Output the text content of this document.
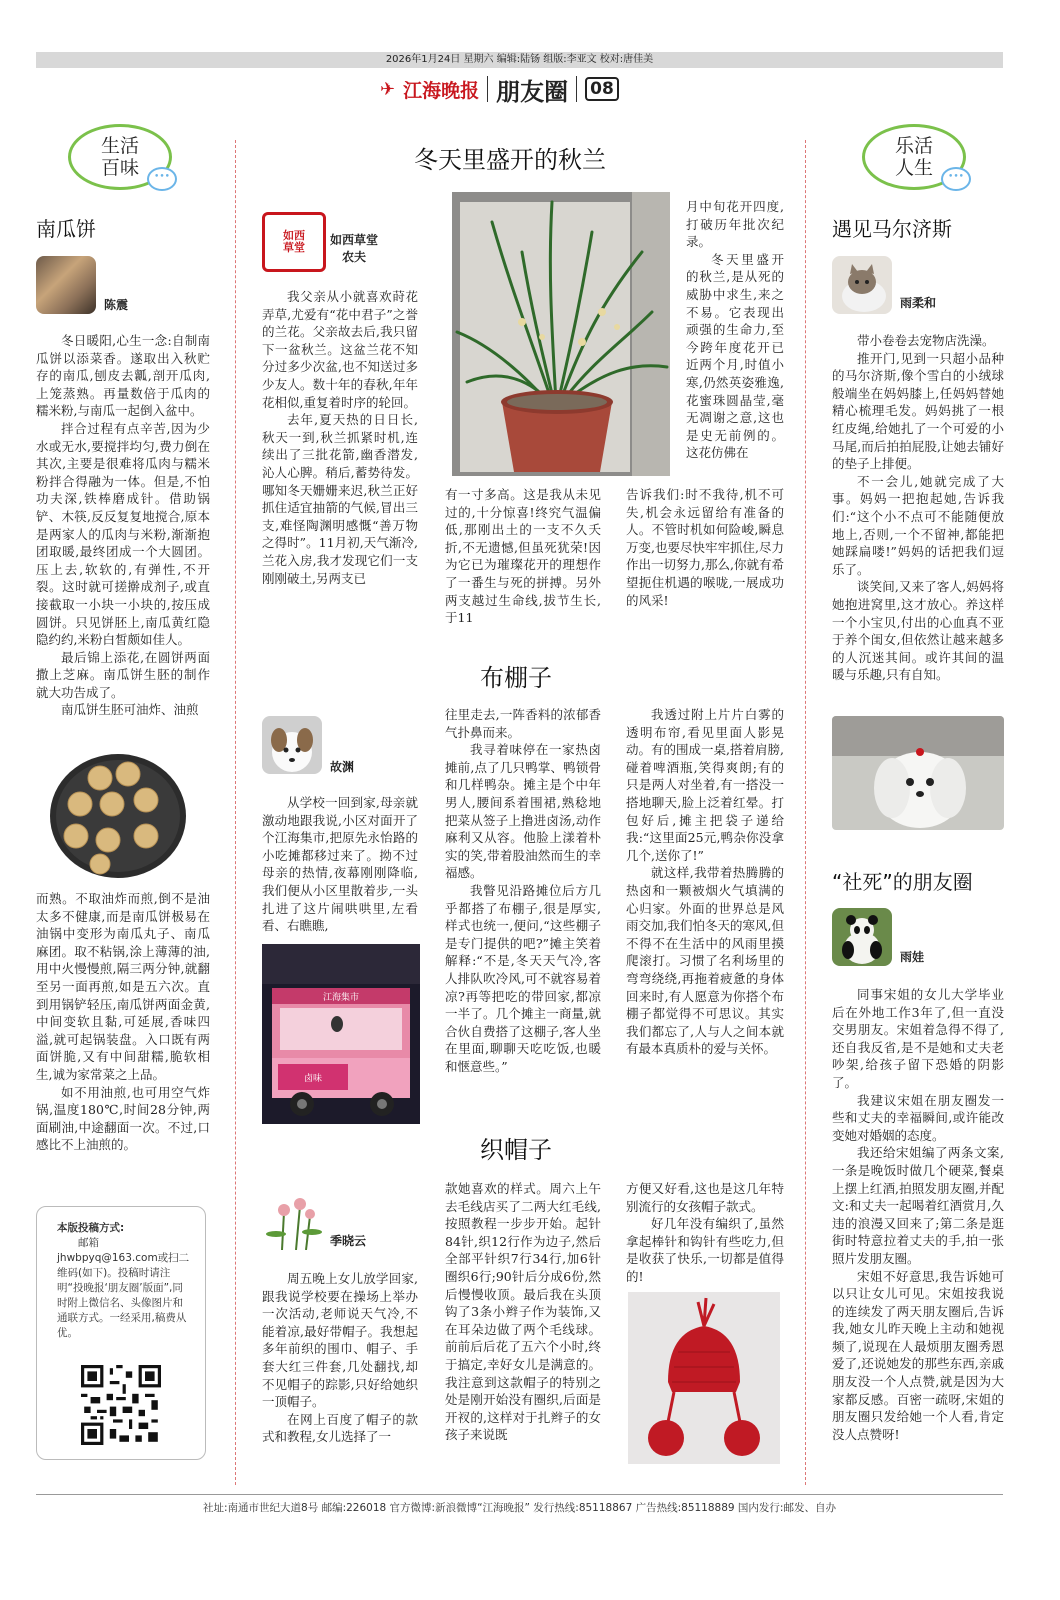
2026年1月24日 星期六 编辑:陆钖 组版:李亚文 校对:唐佳美
✈ 江海晚报 朋友圈 08
生活
百味	•••
南瓜饼
陈震

冬日暖阳,心生一念:自制南瓜饼以添菜香。遂取出入秋贮存的南瓜,刨皮去瓤,剖开瓜肉,上笼蒸熟。再量数倍于瓜肉的糯米粉,与南瓜一起倒入盆中。

拌合过程有点辛苦,因为少水或无水,要搅拌均匀,费力倒在其次,主要是很难将瓜肉与糯米粉拌合得融为一体。但是,不怕功夫深,铁棒磨成针。借助锅铲、木筷,反反复复地搅合,原本是两家人的瓜肉与米粉,渐渐抱团取暖,最终团成一个大圆团。压上去,软软的,有弹性,不开裂。这时就可搓擀成剂子,或直接截取一小块一小块的,按压成圆饼。只见饼胚上,南瓜黄红隐隐约约,米粉白皙颇如佳人。

最后锦上添花,在圆饼两面撒上芝麻。南瓜饼生胚的制作就大功告成了。

南瓜饼生胚可油炸、油煎

而熟。不取油炸而煎,倒不是油太多不健康,而是南瓜饼极易在油锅中变形为南瓜丸子、南瓜麻团。取不粘锅,涂上薄薄的油,用中火慢慢煎,隔三两分钟,就翻至另一面再煎,如是五六次。直到用锅铲轻压,南瓜饼两面金黄,中间变软且黏,可延展,香味四溢,就可起锅装盘。入口既有两面饼脆,又有中间甜糯,脆软相生,诚为家常菜之上品。

如不用油煎,也可用空气炸锅,温度180℃,时间28分钟,两面刷油,中途翻面一次。不过,口感比不上油煎的。

本版投稿方式:
邮箱 jhwbpyq@163.com或扫二维码(如下)。投稿时请注明“投晚报‘朋友圈’版面”,同时附上微信名、头像图片和通联方式。一经采用,稿费从优。
冬天里盛开的秋兰
如西草堂
如西草堂
农夫

我父亲从小就喜欢莳花弄草,尤爱有“花中君子”之誉的兰花。父亲故去后,我只留下一盆秋兰。这盆兰花不知分过多少次盆,也不知送过多少友人。数十年的春秋,年年花相似,重复着时序的轮回。

去年,夏天热的日日长,秋天一到,秋兰抓紧时机,连续出了三批花箭,幽香潜发,沁人心脾。稍后,蓄势待发。哪知冬天姗姗来迟,秋兰正好抓住适宜抽箭的气候,冒出三支,难怪陶渊明感慨“善万物之得时”。11月初,天气渐冷,兰花入房,我才发现它们一支刚刚破土,另两支已

月中旬花开四度,打破历年批次纪录。

冬天里盛开的秋兰,是从死的威胁中求生,来之不易。它表现出顽强的生命力,至今跨年度花开已近两个月,时值小寒,仍然英姿雅逸,花蜜珠圆晶莹,毫无凋谢之意,这也是史无前例的。这花仿佛在

有一寸多高。这是我从未见过的,十分惊喜!终究气温偏低,那刚出土的一支不久夭折,不无遗憾,但虽死犹荣!因为它已为璀璨花开的理想作了一番生与死的拼搏。另外两支越过生命线,拔节生长,于11

告诉我们:时不我待,机不可失,机会永远留给有准备的人。不管时机如何险峻,瞬息万变,也要尽快牢牢抓住,尽力作出一切努力,那么,你就有希望扼住机遇的喉咙,一展成功的风采!

布棚子
故渊

从学校一回到家,母亲就激动地跟我说,小区对面开了个江海集市,把原先永怡路的小吃摊都移过来了。拗不过母亲的热情,夜幕刚刚降临,我们便从小区里散着步,一头扎进了这片闹哄哄里,左看看、右瞧瞧,

江海集市
卤味

往里走去,一阵香料的浓郁香气扑鼻而来。

我寻着味停在一家热卤摊前,点了几只鸭掌、鸭锁骨和几样鸭杂。摊主是个中年男人,腰间系着围裙,熟稔地把菜从签子上撸进卤汤,动作麻利又从容。他脸上漾着朴实的笑,带着股油然而生的幸福感。

我瞥见沿路摊位后方几乎都搭了布棚子,很是厚实,样式也统一,便问,“这些棚子是专门提供的吧?”摊主笑着解释:“不是,冬天天气冷,客人排队吹冷风,可不就容易着凉?再等把吃的带回家,都凉一半了。几个摊主一商量,就合伙自费搭了这棚子,客人坐在里面,聊聊天吃吃饭,也暖和惬意些。”

我透过附上片片白雾的透明布帘,看见里面人影晃动。有的围成一桌,搭着肩膀,碰着啤酒瓶,笑得爽朗;有的只是两人对坐着,有一搭没一搭地聊天,脸上泛着红晕。打包好后,摊主把袋子递给我:“这里面25元,鸭杂你没拿几个,送你了!”

就这样,我带着热腾腾的热卤和一颗被烟火气填满的心归家。外面的世界总是风雨交加,我们怕冬天的寒风,但不得不在生活中的风雨里摸爬滚打。习惯了名利场里的弯弯绕绕,再拖着疲惫的身体回来时,有人愿意为你搭个布棚子都觉得不可思议。其实我们都忘了,人与人之间本就有最本真质朴的爱与关怀。

织帽子
季晓云

周五晚上女儿放学回家,跟我说学校要在操场上举办一次活动,老师说天气冷,不能着凉,最好带帽子。我想起多年前织的围巾、帽子、手套大红三件套,几处翻找,却不见帽子的踪影,只好给她织一顶帽子。

在网上百度了帽子的款式和教程,女儿选择了一

款她喜欢的样式。周六上午去毛线店买了二两大红毛线,按照教程一步步开始。起针84针,织12行作为边子,然后全部平针织7行34行,加6针圈织6行;90针后分成6份,然后慢慢收顶。最后我在头顶钩了3条小辫子作为装饰,又在耳朵边做了两个毛线球。前前后后花了五六个小时,终于搞定,幸好女儿是满意的。我注意到这款帽子的特别之处是刚开始没有圈织,后面是开衩的,这样对于扎辫子的女孩子来说既

方便又好看,这也是这几年特别流行的女孩帽子款式。

好几年没有编织了,虽然拿起棒针和钩针有些吃力,但是收获了快乐,一切都是值得的!

乐活
人生	•••
遇见马尔济斯
雨柔和

带小卷卷去宠物店洗澡。

推开门,见到一只超小品种的马尔济斯,像个雪白的小绒球般端坐在妈妈膝上,任妈妈替她精心梳理毛发。妈妈挑了一根红皮绳,给她扎了一个可爱的小马尾,而后拍拍屁股,让她去铺好的垫子上排便。

不一会儿,她就完成了大事。妈妈一把抱起她,告诉我们:“这个小不点可不能随便放地上,否则,一个不留神,都能把她踩扁喽!”妈妈的话把我们逗乐了。

谈笑间,又来了客人,妈妈将她抱进窝里,这才放心。养这样一个小宝贝,付出的心血真不亚于养个闺女,但依然让越来越多的人沉迷其间。或许其间的温暖与乐趣,只有自知。

“社死”的朋友圈
雨娃

同事宋姐的女儿大学毕业后在外地工作3年了,但一直没交男朋友。宋姐着急得不得了,还自我反省,是不是她和丈夫老吵架,给孩子留下恐婚的阴影了。

我建议宋姐在朋友圈发一些和丈夫的幸福瞬间,或许能改变她对婚姻的态度。

我还给宋姐编了两条文案,一条是晚饭时做几个硬菜,餐桌上摆上红酒,拍照发朋友圈,并配文:和丈夫一起喝着红酒赏月,久违的浪漫又回来了;第二条是逛街时特意拉着丈夫的手,拍一张照片发朋友圈。

宋姐不好意思,我告诉她可以只让女儿可见。宋姐按我说的连续发了两天朋友圈后,告诉我,她女儿昨天晚上主动和她视频了,说现在人最烦朋友圈秀恩爱了,还说她发的那些东西,亲戚朋友没一个人点赞,就是因为大家都反感。百密一疏呀,宋姐的朋友圈只发给她一个人看,肯定没人点赞呀!

社址:南通市世纪大道8号 邮编:226018 官方微博:新浪微博“江海晚报” 发行热线:85118867 广告热线:85118889 国内发行:邮发、自办
